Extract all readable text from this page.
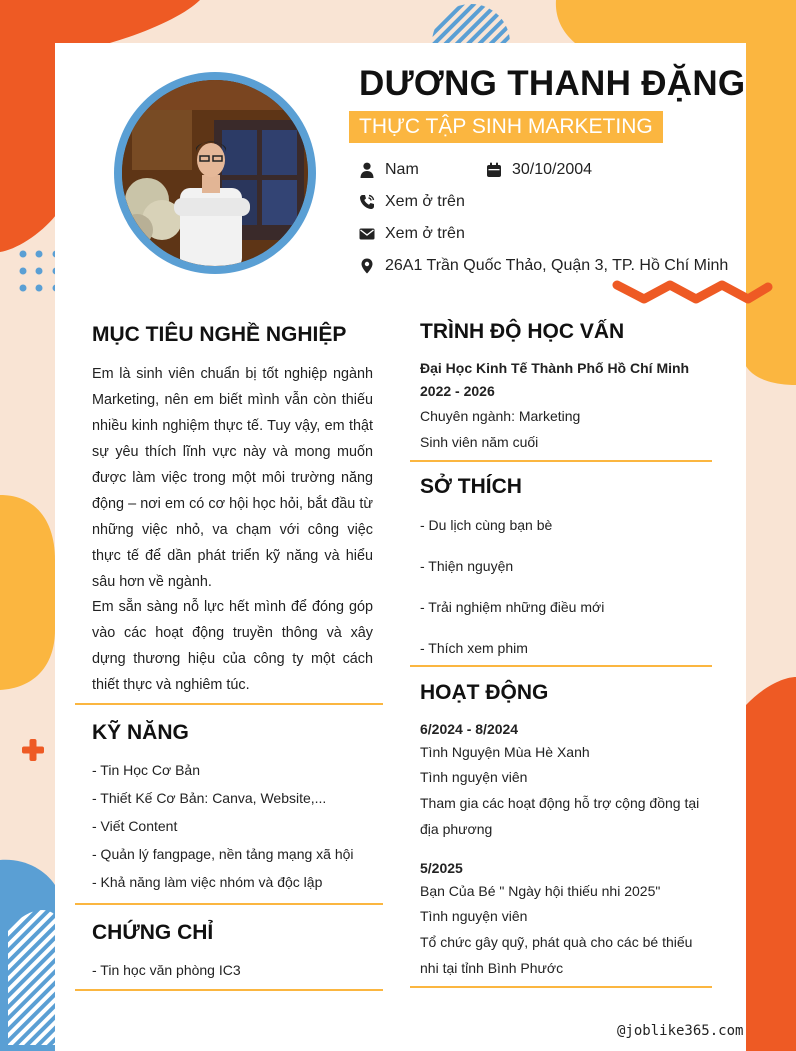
DƯƠNG THANH ĐẶNG
THỰC TẬP SINH MARKETING
Nam	30/10/2004
Xem ở trên
Xem ở trên
26A1 Trần Quốc Thảo, Quận 3, TP. Hồ Chí Minh
MỤC TIÊU NGHỀ NGHIỆP
Em là sinh viên chuẩn bị tốt nghiệp ngành Marketing, nên em biết mình vẫn còn thiếu nhiều kinh nghiệm thực tế. Tuy vậy, em thật sự yêu thích lĩnh vực này và mong muốn được làm việc trong một môi trường năng động – nơi em có cơ hội học hỏi, bắt đầu từ những việc nhỏ, va chạm với công việc thực tế để dần phát triển kỹ năng và hiểu sâu hơn về ngành.
Em sẵn sàng nỗ lực hết mình để đóng góp vào các hoạt động truyền thông và xây dựng thương hiệu của công ty một cách thiết thực và nghiêm túc.
KỸ NĂNG
- Tin Học Cơ Bản
- Thiết Kế Cơ Bản: Canva, Website,...
- Viết Content
- Quản lý fangpage, nền tảng mạng xã hội
- Khả năng làm việc nhóm và độc lập
CHỨNG CHỈ
- Tin học văn phòng IC3
TRÌNH ĐỘ HỌC VẤN
Đại Học Kinh Tế Thành Phố Hồ Chí Minh
2022 - 2026
Chuyên ngành: Marketing
Sinh viên năm cuối
SỞ THÍCH
- Du lịch cùng bạn bè
- Thiện nguyện
- Trải nghiệm những điều mới
- Thích xem phim
HOẠT ĐỘNG
6/2024 - 8/2024
Tình Nguyện Mùa Hè Xanh
Tình nguyện viên
Tham gia các hoạt động hỗ trợ cộng đồng tại địa phương
5/2025
Bạn Của Bé " Ngày hội thiếu nhi 2025"
Tình nguyện viên
Tổ chức gây quỹ, phát quà cho các bé thiếu nhi tại tỉnh Bình Phước
@joblike365.com
